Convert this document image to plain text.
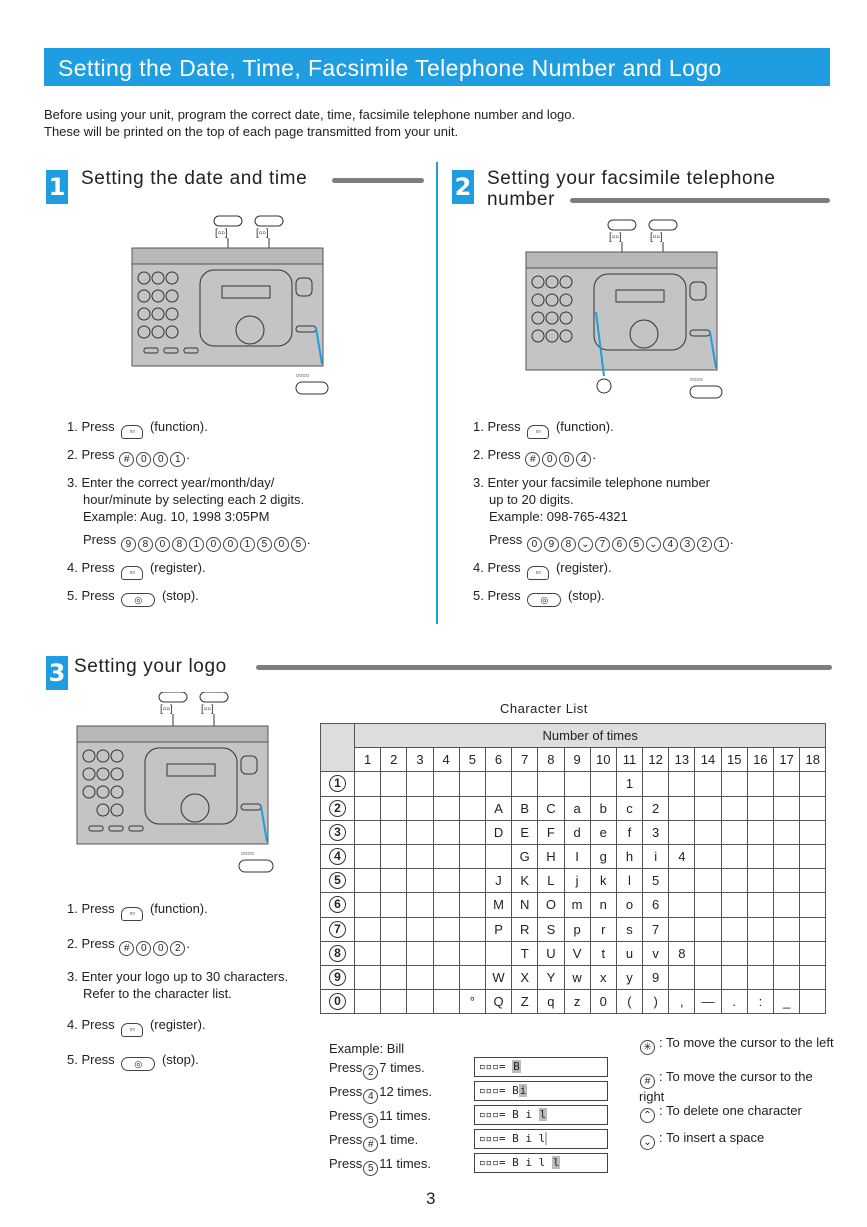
Setting the Date, Time, Facsimile Telephone Number and Logo
Before using your unit, program the correct date, time, facsimile telephone number and logo.
These will be printed on the top of each page transmitted from your unit.
1 Setting the date and time	2 Setting your facsimile telephone
number
3 Setting your logo
[▫▫]	[▫▫]
▫▫▫▫
[▫▫]	[▫▫]
▫▫▫▫
[▫▫]	[▫▫]
▫▫▫▫
1. Press ▫▫ (function).
2. Press # 0 0 1 .
3. Enter the correct year/month/day/
hour/minute by selecting each 2 digits.
Example: Aug. 10, 1998 3:05PM
Press 9 8 0 8 1 0 0 1 5 0 5 .
4. Press ▫▫ (register).
5. Press ◎ (stop).
1. Press ▫▫ (function).
2. Press # 0 0 4 .
3. Enter your facsimile telephone number
up to 20 digits.
Example: 098-765-4321
Press 0 9 8 ⌄ 7 6 5 ⌄ 4 3 2 1 .
4. Press ▫▫ (register).
5. Press ◎ (stop).
1. Press ▫▫ (function).
2. Press # 0 0 2 .
3. Enter your logo up to 30 characters.
Refer to the character list.
4. Press ▫▫ (register).
5. Press ◎ (stop).
Character List
	Number of times																	
	1	2	3	4	5	6	7	8	9	10	11	12	13	14	15	16	17	18
1											1							
2						A	B	C	a	b	c	2						
3						D	E	F	d	e	f	3						
4							G	H	I	g	h	i	4					
5						J	K	L	j	k	l	5						
6						M	N	O	m	n	o	6						
7						P	R	S	p	r	s	7						
8							T	U	V	t	u	v	8					
9						W	X	Y	w	x	y	9						
0					°	Q	Z	q	z	0	(	)	,	—	.	:	_	
Example: Bill
Press 2 7 times.	▫▫▫= B
Press 4 12 times.	▫▫▫= Bi
Press 5 11 times.	▫▫▫= B i l
Press # 1 time.	▫▫▫= B i l
Press 5 11 times.	▫▫▫= B i l l
✳ : To move the cursor to the left
# : To move the cursor to the right
⌃ : To delete one character
⌄ : To insert a space
3
